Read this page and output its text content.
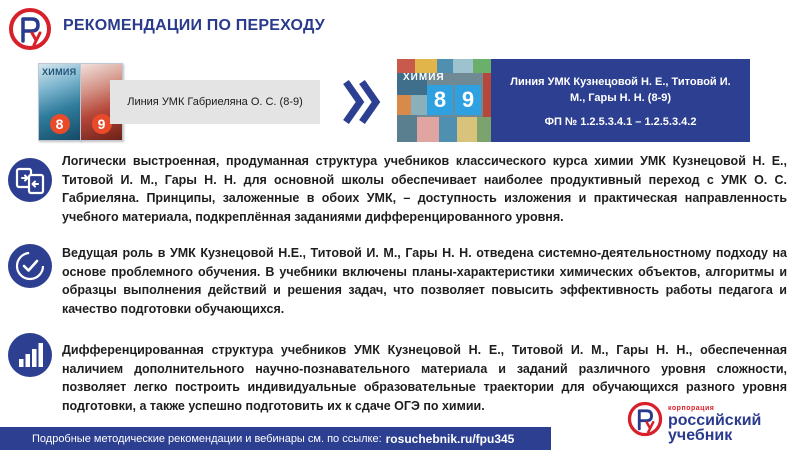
РЕКОМЕНДАЦИИ ПО ПЕРЕХОДУ
ХИМИЯ
8	9
Линия УМК Габриеляна О. С. (8-9)
ХИМИЯ
8 9
Линия УМК Кузнецовой Н. Е., Титовой И. М., Гары Н. Н. (8-9)
ФП № 1.2.5.3.4.1 – 1.2.5.3.4.2
Логически выстроенная, продуманная структура учебников классического курса химии УМК Кузнецовой Н. Е., Титовой И. М., Гары Н. Н. для основной школы обеспечивает наиболее продуктивный переход с УМК О. С. Габриеляна. Принципы, заложенные в обоих УМК, – доступность изложения и практическая направленность учебного материала, подкреплённая заданиями дифференцированного уровня.
Ведущая роль в УМК Кузнецовой Н.Е., Титовой И. М., Гары Н. Н. отведена системно-деятельностному подходу на основе проблемного обучения. В учебники включены планы-характеристики химических объектов, алгоритмы и образцы выполнения действий и решения задач, что позволяет повысить эффективность работы педагога и качество подготовки обучающихся.
Дифференцированная структура учебников УМК Кузнецовой Н. Е., Титовой И. М., Гары Н. Н., обеспеченная наличием дополнительного научно-познавательного материала и заданий различного уровня сложности, позволяет легко построить индивидуальные образовательные траектории для обучающихся разного уровня подготовки, а также успешно подготовить их к сдаче ОГЭ по химии.
Подробные методические рекомендации и вебинары см. по ссылке: rosuchebnik.ru/fpu345
корпорация
российский
учебник
